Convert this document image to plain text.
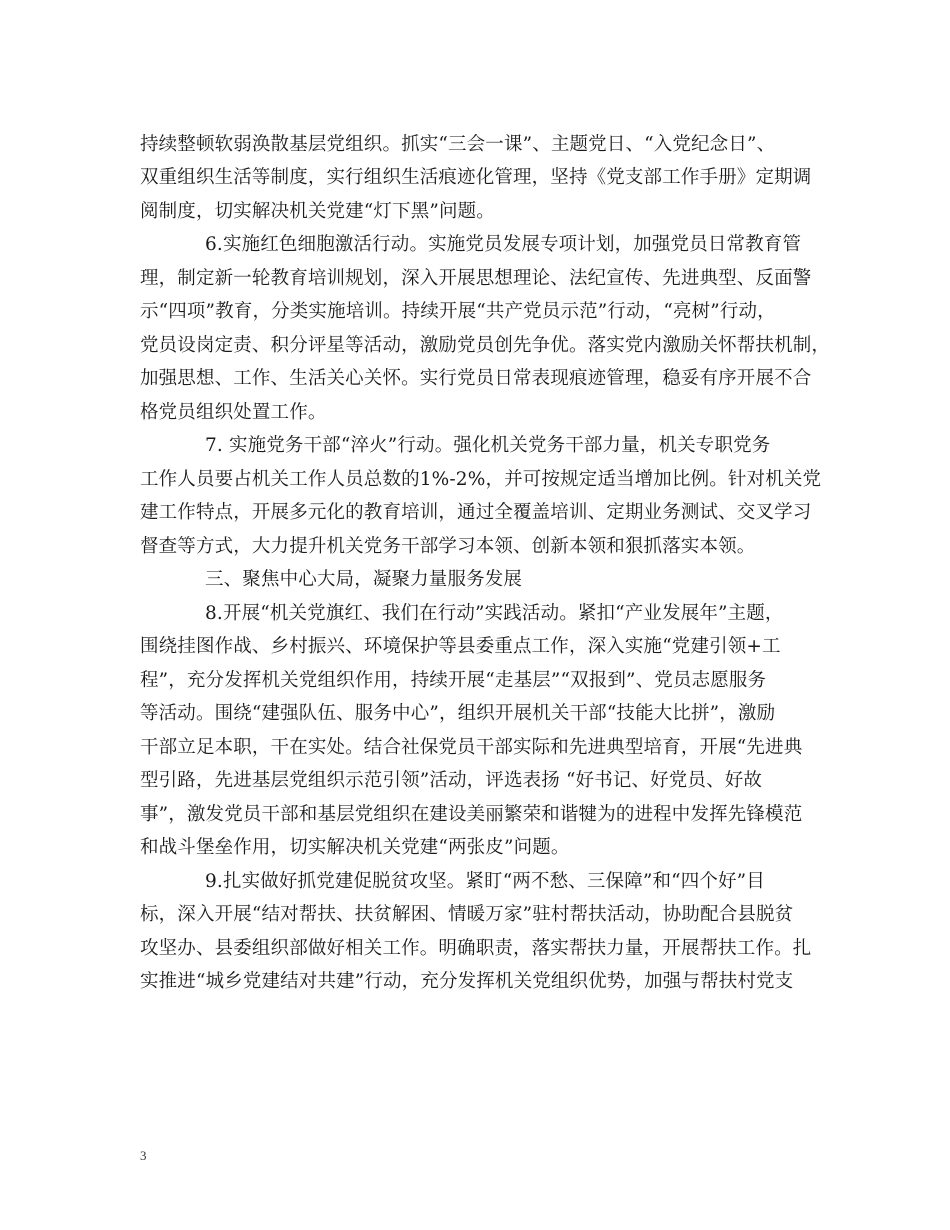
持续整顿软弱涣散基层党组织。抓实“三会一课”、主题党日、“入党纪念日”、
双重组织生活等制度，实行组织生活痕迹化管理，坚持《党支部工作手册》定期调
阅制度，切实解决机关党建“灯下黑”问题。
6.实施红色细胞激活行动。实施党员发展专项计划，加强党员日常教育管
理，制定新一轮教育培训规划，深入开展思想理论、法纪宣传、先进典型、反面警
示“四项”教育，分类实施培训。持续开展“共产党员示范”行动，“亮树”行动，
党员设岗定责、积分评星等活动，激励党员创先争优。落实党内激励关怀帮扶机制，
加强思想、工作、生活关心关怀。实行党员日常表现痕迹管理，稳妥有序开展不合
格党员组织处置工作。
7. 实施党务干部“淬火”行动。强化机关党务干部力量，机关专职党务
工作人员要占机关工作人员总数的1%-2%，并可按规定适当增加比例。针对机关党
建工作特点，开展多元化的教育培训，通过全覆盖培训、定期业务测试、交叉学习
督查等方式，大力提升机关党务干部学习本领、创新本领和狠抓落实本领。
三、聚焦中心大局，凝聚力量服务发展
8.开展“机关党旗红、我们在行动”实践活动。紧扣“产业发展年”主题，
围绕挂图作战、乡村振兴、环境保护等县委重点工作，深入实施“党建引领+工
程”，充分发挥机关党组织作用，持续开展“走基层”“双报到”、党员志愿服务
等活动。围绕“建强队伍、服务中心”，组织开展机关干部“技能大比拼”，激励
干部立足本职，干在实处。结合社保党员干部实际和先进典型培育，开展“先进典
型引路，先进基层党组织示范引领”活动，评选表扬 “好书记、好党员、好故
事”，激发党员干部和基层党组织在建设美丽繁荣和谐犍为的进程中发挥先锋模范
和战斗堡垒作用，切实解决机关党建“两张皮”问题。
9.扎实做好抓党建促脱贫攻坚。紧盯“两不愁、三保障”和“四个好”目
标，深入开展“结对帮扶、扶贫解困、情暖万家”驻村帮扶活动，协助配合县脱贫
攻坚办、县委组织部做好相关工作。明确职责，落实帮扶力量，开展帮扶工作。扎
实推进“城乡党建结对共建”行动，充分发挥机关党组织优势，加强与帮扶村党支
3
